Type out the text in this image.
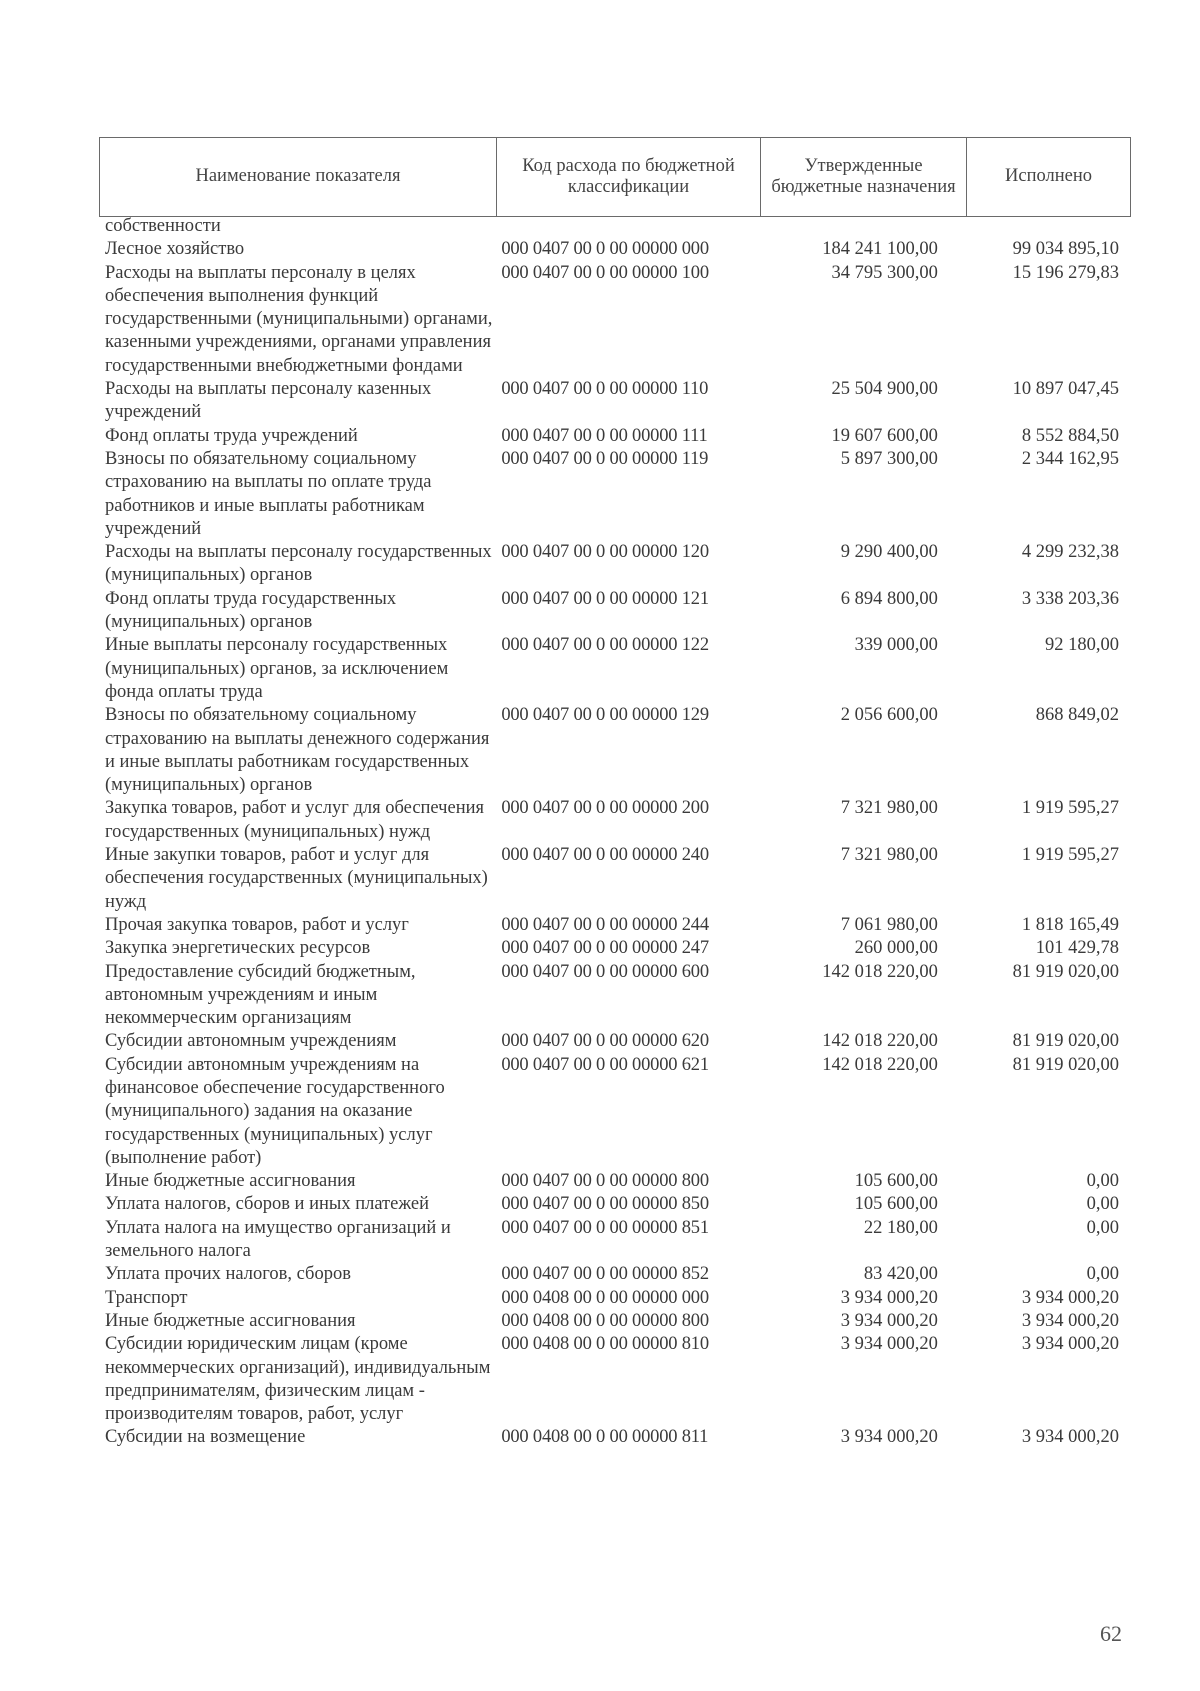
Наименование показателя	Код расхода по бюджетной классификации	Утвержденные бюджетные назначения	Исполнено
собственности			
Лесное хозяйство	000 0407 00 0 00 00000 000	184 241 100,00	99 034 895,10
Расходы на выплаты персоналу в целях обеспечения выполнения функций государственными (муниципальными) органами, казенными учреждениями, органами управления государственными внебюджетными фондами	000 0407 00 0 00 00000 100	34 795 300,00	15 196 279,83
Расходы на выплаты персоналу казенных учреждений	000 0407 00 0 00 00000 110	25 504 900,00	10 897 047,45
Фонд оплаты труда учреждений	000 0407 00 0 00 00000 111	19 607 600,00	8 552 884,50
Взносы по обязательному социальному страхованию на выплаты по оплате труда работников и иные выплаты работникам учреждений	000 0407 00 0 00 00000 119	5 897 300,00	2 344 162,95
Расходы на выплаты персоналу государственных (муниципальных) органов	000 0407 00 0 00 00000 120	9 290 400,00	4 299 232,38
Фонд оплаты труда государственных (муниципальных) органов	000 0407 00 0 00 00000 121	6 894 800,00	3 338 203,36
Иные выплаты персоналу государственных (муниципальных) органов, за исключением фонда оплаты труда	000 0407 00 0 00 00000 122	339 000,00	92 180,00
Взносы по обязательному социальному страхованию на выплаты денежного содержания и иные выплаты работникам государственных (муниципальных) органов	000 0407 00 0 00 00000 129	2 056 600,00	868 849,02
Закупка товаров, работ и услуг для обеспечения государственных (муниципальных) нужд	000 0407 00 0 00 00000 200	7 321 980,00	1 919 595,27
Иные закупки товаров, работ и услуг для обеспечения государственных (муниципальных) нужд	000 0407 00 0 00 00000 240	7 321 980,00	1 919 595,27
Прочая закупка товаров, работ и услуг	000 0407 00 0 00 00000 244	7 061 980,00	1 818 165,49
Закупка энергетических ресурсов	000 0407 00 0 00 00000 247	260 000,00	101 429,78
Предоставление субсидий бюджетным, автономным учреждениям и иным некоммерческим организациям	000 0407 00 0 00 00000 600	142 018 220,00	81 919 020,00
Субсидии автономным учреждениям	000 0407 00 0 00 00000 620	142 018 220,00	81 919 020,00
Субсидии автономным учреждениям на финансовое обеспечение государственного (муниципального) задания на оказание государственных (муниципальных) услуг (выполнение работ)	000 0407 00 0 00 00000 621	142 018 220,00	81 919 020,00
Иные бюджетные ассигнования	000 0407 00 0 00 00000 800	105 600,00	0,00
Уплата налогов, сборов и иных платежей	000 0407 00 0 00 00000 850	105 600,00	0,00
Уплата налога на имущество организаций и земельного налога	000 0407 00 0 00 00000 851	22 180,00	0,00
Уплата прочих налогов, сборов	000 0407 00 0 00 00000 852	83 420,00	0,00
Транспорт	000 0408 00 0 00 00000 000	3 934 000,20	3 934 000,20
Иные бюджетные ассигнования	000 0408 00 0 00 00000 800	3 934 000,20	3 934 000,20
Субсидии юридическим лицам (кроме некоммерческих организаций), индивидуальным предпринимателям, физическим лицам - производителям товаров, работ, услуг	000 0408 00 0 00 00000 810	3 934 000,20	3 934 000,20
Субсидии на возмещение	000 0408 00 0 00 00000 811	3 934 000,20	3 934 000,20
62
